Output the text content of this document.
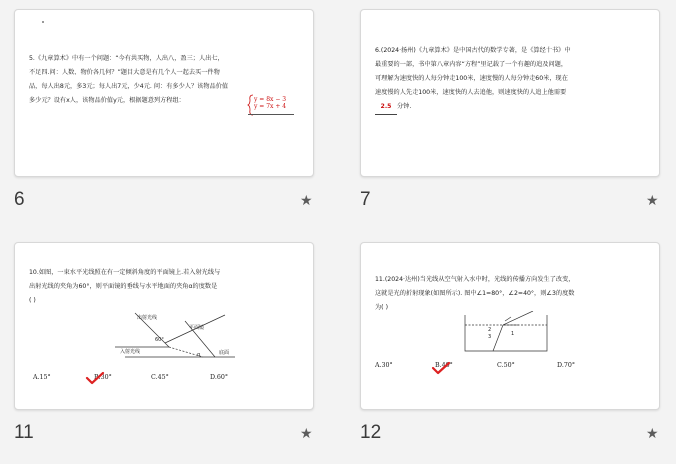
5.《九章算术》中有一个问题：“今有共买物，人出八，盈三；人出七，
不足四.问：人数、物价各几何？”题目大意是有几个人一起去买一件物
品，每人出8元，多3元；每人出7元，少4元. 问：有多少人？该物品价值
多少元？设有x人，该物品价值y元，根据题意列方程组：	y = 8x − 3
y = 7x + 4
6	★
6.(2024·扬州)《九章算术》是中国古代的数学专著，是《算经十书》中
最重要的一部，书中第八章内容“方程”里记载了一个有趣的追及问题，
可理解为速度快的人每分钟走100米，速度慢的人每分钟走60米，现在
速度慢的人先走100米，速度快的人去追他，则速度快的人追上他需要
2.5 分钟.
7	★
10.如图，一束水平光线照在有一定倾斜角度的平面镜上.若入射光线与
出射光线的夹角为60°，则平面镜的垂线与水平地面的夹角α的度数是
( )
出射光线
平面镜
60°
入射光线	α	底面
A.15°	B.30°	C.45°	D.60°
11	★
11.(2024·达州)当光线从空气射入水中时，光线的传播方向发生了改变，
这就是光的折射现象(如图所示). 图中∠1=80°，∠2=40°，则∠3的度数
为( )
2
3	1
A.30°	B.40°	C.50°	D.70°
12	★
